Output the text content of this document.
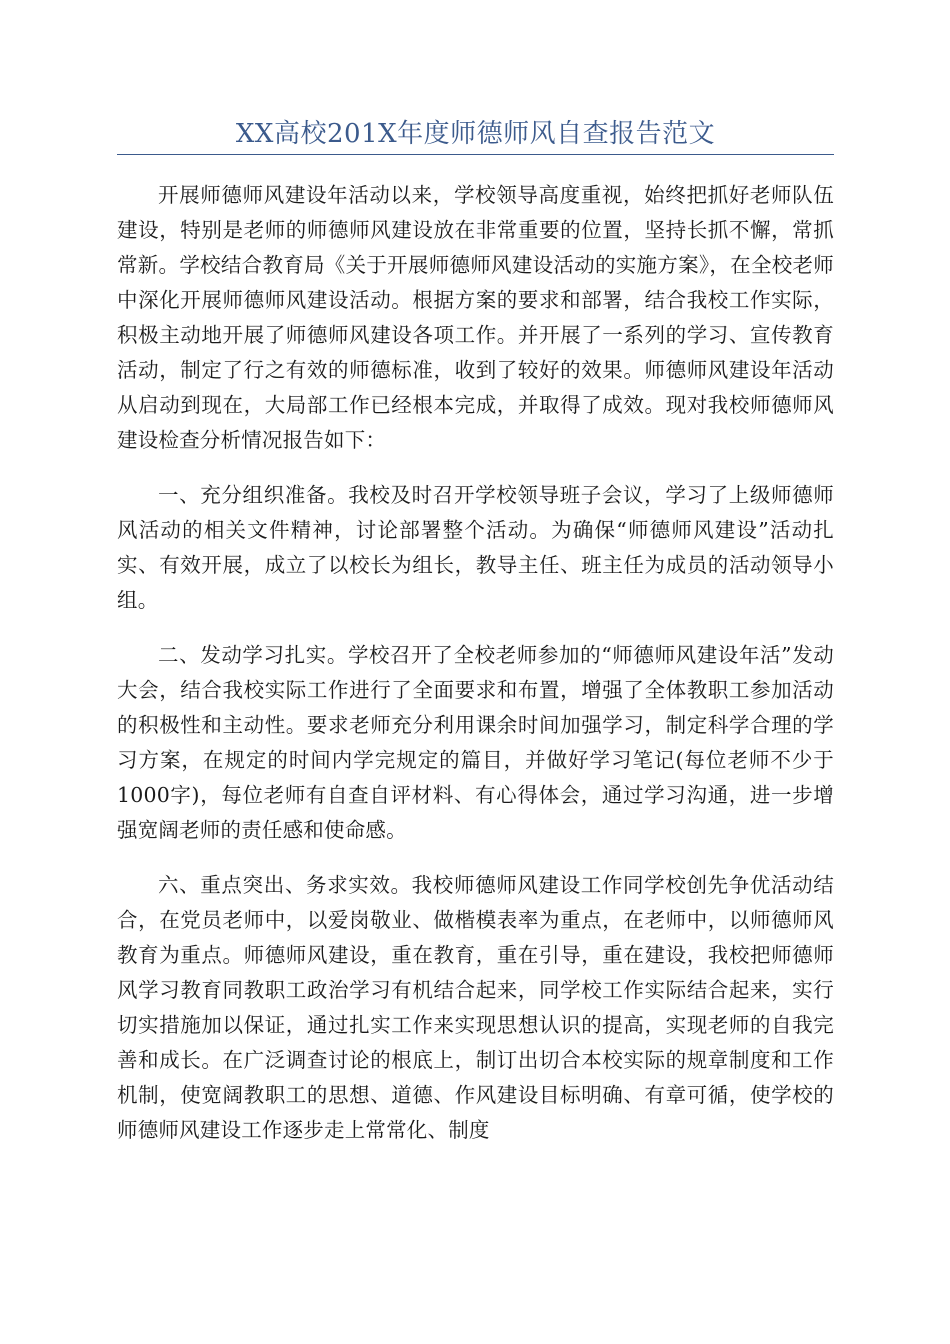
XX高校201X年度师德师风自查报告范文

开展师德师风建设年活动以来，学校领导高度重视，始终把抓好老师队伍建设，特别是老师的师德师风建设放在非常重要的位置，坚持长抓不懈，常抓常新。学校结合教育局《关于开展师德师风建设活动的实施方案》，在全校老师中深化开展师德师风建设活动。根据方案的要求和部署，结合我校工作实际，积极主动地开展了师德师风建设各项工作。并开展了一系列的学习、宣传教育活动，制定了行之有效的师德标准，收到了较好的效果。师德师风建设年活动从启动到现在，大局部工作已经根本完成，并取得了成效。现对我校师德师风建设检查分析情况报告如下：

一、充分组织准备。我校及时召开学校领导班子会议，学习了上级师德师风活动的相关文件精神，讨论部署整个活动。为确保“师德师风建设”活动扎实、有效开展，成立了以校长为组长，教导主任、班主任为成员的活动领导小组。

二、发动学习扎实。学校召开了全校老师参加的“师德师风建设年活”发动大会，结合我校实际工作进行了全面要求和布置，增强了全体教职工参加活动的积极性和主动性。要求老师充分利用课余时间加强学习，制定科学合理的学习方案，在规定的时间内学完规定的篇目，并做好学习笔记(每位老师不少于1000字)，每位老师有自查自评材料、有心得体会，通过学习沟通，进一步增强宽阔老师的责任感和使命感。

六、重点突出、务求实效。我校师德师风建设工作同学校创先争优活动结合，在党员老师中，以爱岗敬业、做楷模表率为重点，在老师中，以师德师风教育为重点。师德师风建设，重在教育，重在引导，重在建设，我校把师德师风学习教育同教职工政治学习有机结合起来，同学校工作实际结合起来，实行切实措施加以保证，通过扎实工作来实现思想认识的提高，实现老师的自我完善和成长。在广泛调查讨论的根底上，制订出切合本校实际的规章制度和工作机制，使宽阔教职工的思想、道德、作风建设目标明确、有章可循，使学校的师德师风建设工作逐步走上常常化、制度
